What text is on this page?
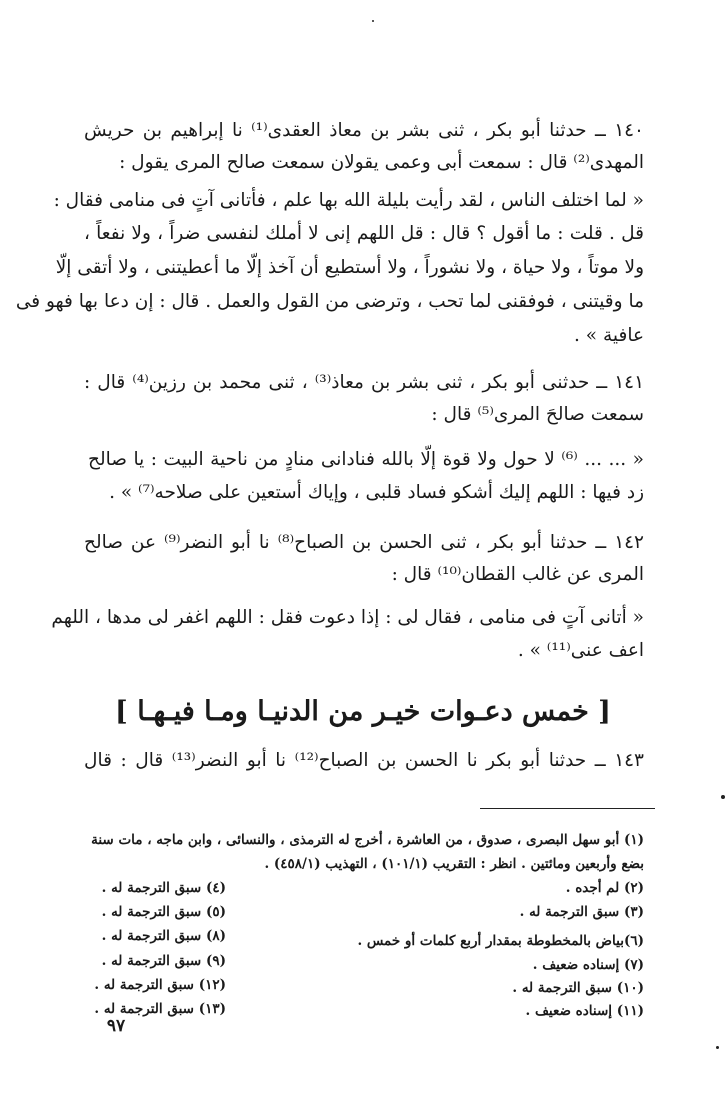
١٤٠ ــ حدثنا أبو بكر ، ثنى بشر بن معاذ العقدى⁽¹⁾ نا إبراهيم بن حريش
المهدى⁽²⁾ قال : سمعت أبى وعمى يقولان سمعت صالح المرى يقول :
« لما اختلف الناس ، لقد رأيت بليلة الله بها علم ، فأتانى آتٍ فى منامى فقال :
قل . قلت : ما أقول ؟ قال : قل اللهم إنى لا أملك لنفسى ضراً ، ولا نفعاً ،
ولا موتاً ، ولا حياة ، ولا نشوراً ، ولا أستطيع أن آخذ إلّا ما أعطيتنى ، ولا أتقى إلّا
ما وقيتنى ، فوفقنى لما تحب ، وترضى من القول والعمل . قال : إن دعا بها فهو فى
عافية » .
١٤١ ــ حدثنى أبو بكر ، ثنى بشر بن معاذ⁽³⁾ ، ثنى محمد بن رزين⁽⁴⁾ قال :
سمعت صالحَ المرى⁽⁵⁾ قال :
« ... ... ⁽⁶⁾ لا حول ولا قوة إلّا بالله فنادانى منادٍ من ناحية البيت : يا صالح
زد فيها : اللهم إليك أشكو فساد قلبى ، وإياك أستعين على صلاحه⁽⁷⁾ » .
١٤٢ ــ حدثنا أبو بكر ، ثنى الحسن بن الصباح⁽⁸⁾ نا أبو النضر⁽⁹⁾ عن صالح
المرى عن غالب القطان⁽¹⁰⁾ قال :
« أتانى آتٍ فى منامى ، فقال لى : إذا دعوت فقل : اللهم اغفر لى مدها ، اللهم
اعف عنى⁽¹¹⁾ » .
[ خمس دعـوات خيـر من الدنيـا ومـا فيـهـا ]
١٤٣ ــ حدثنا أبو بكر نا الحسن بن الصباح⁽¹²⁾ نا أبو النضر⁽¹³⁾ قال : قال
(١) أبو سهل البصرى ، صدوق ، من العاشرة ، أخرج له الترمذى ، والنسائى ، وابن ماجه ، مات سنة
بضع وأربعين ومائتين . انظر : التقريب (١٠١/١) ، التهذيب (٤٥٨/١) .
(٢) لم أجده .
(٣) سبق الترجمة له .
(٦)بياض بالمخطوطة بمقدار أربع كلمات أو خمس .
(٧) إسناده ضعيف .
(١٠) سبق الترجمة له .
(١١) إسناده ضعيف .
(٤) سبق الترجمة له .
(٥) سبق الترجمة له .
(٨) سبق الترجمة له .
(٩) سبق الترجمة له .
(١٢) سبق الترجمة له .
(١٣) سبق الترجمة له .
٩٧
